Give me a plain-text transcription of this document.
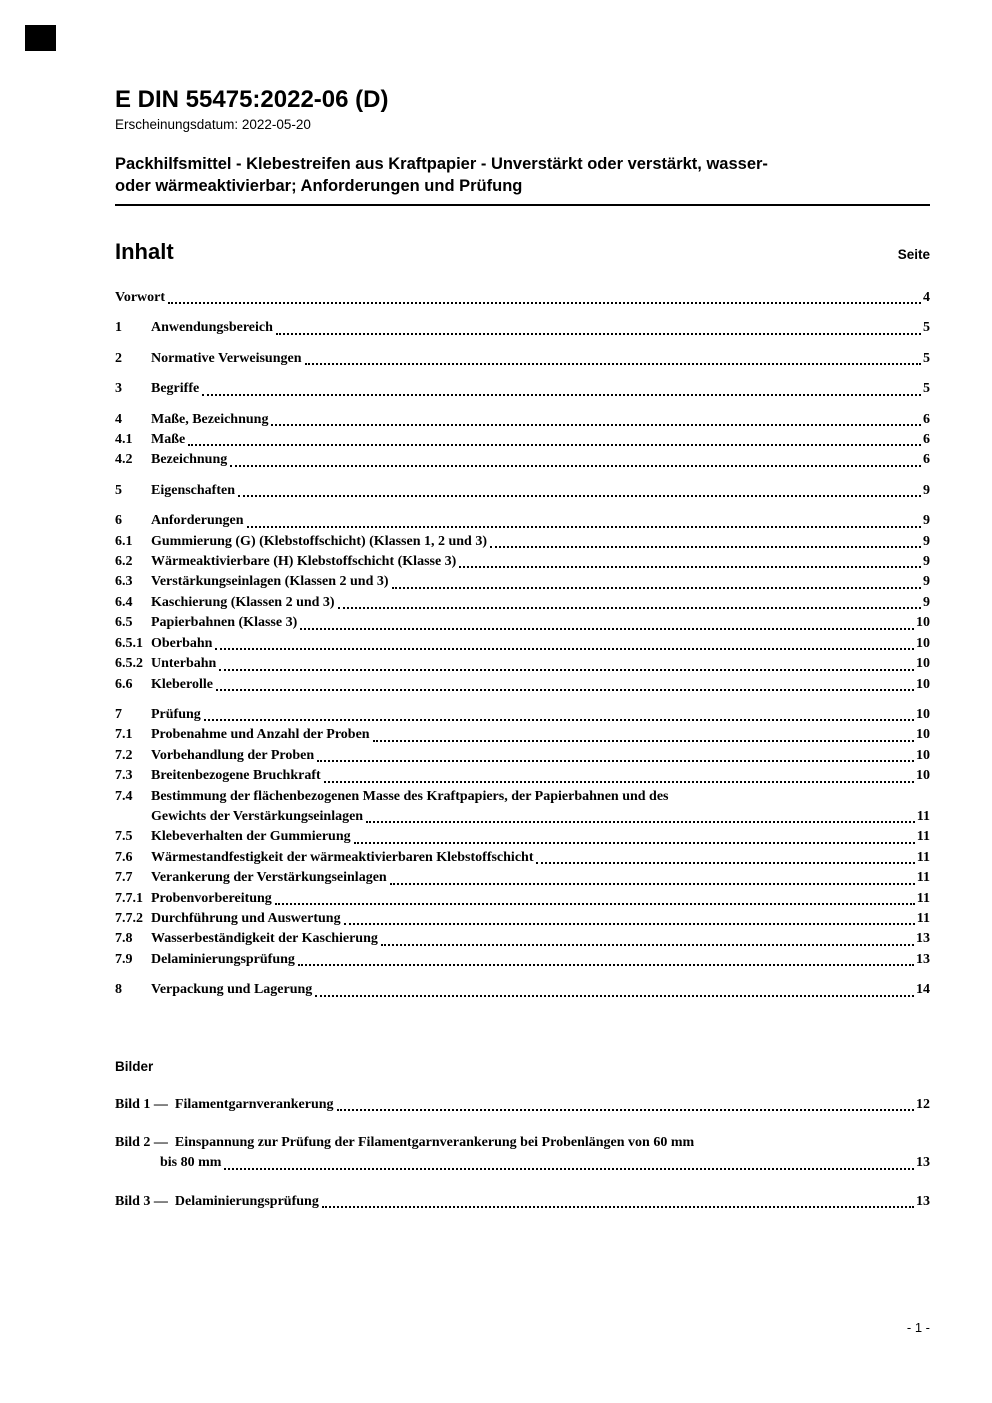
E DIN 55475:2022-06 (D)
Erscheinungsdatum: 2022-05-20
Packhilfsmittel - Klebestreifen aus Kraftpapier - Unverstärkt oder verstärkt, wasser-
oder wärmeaktivierbar; Anforderungen und Prüfung
Inhalt	Seite
Vorwort	4
1	Anwendungsbereich	5
2	Normative Verweisungen	5
3	Begriffe	5
4	Maße, Bezeichnung	6
4.1	Maße	6
4.2	Bezeichnung	6
5	Eigenschaften	9
6	Anforderungen	9
6.1	Gummierung (G) (Klebstoffschicht) (Klassen 1, 2 und 3)	9
6.2	Wärmeaktivierbare (H) Klebstoffschicht (Klasse 3)	9
6.3	Verstärkungseinlagen (Klassen 2 und 3)	9
6.4	Kaschierung (Klassen 2 und 3)	9
6.5	Papierbahnen (Klasse 3)	10
6.5.1 Oberbahn	10
6.5.2 Unterbahn	10
6.6	Kleberolle	10
7	Prüfung	10
7.1	Probenahme und Anzahl der Proben	10
7.2	Vorbehandlung der Proben	10
7.3	Breitenbezogene Bruchkraft	10
7.4	Bestimmung der flächenbezogenen Masse des Kraftpapiers, der Papierbahnen und des
Gewichts der Verstärkungseinlagen	11
7.5	Klebeverhalten der Gummierung	11
7.6	Wärmestandfestigkeit der wärmeaktivierbaren Klebstoffschicht	11
7.7	Verankerung der Verstärkungseinlagen	11
7.7.1 Probenvorbereitung	11
7.7.2 Durchführung und Auswertung	11
7.8	Wasserbeständigkeit der Kaschierung	13
7.9	Delaminierungsprüfung	13
8	Verpackung und Lagerung	14
Bilder
Bild 1 — Filamentgarnverankerung	12
Bild 2 — Einspannung zur Prüfung der Filamentgarnverankerung bei Probenlängen von 60 mm
bis 80 mm	13
Bild 3 — Delaminierungsprüfung	13
- 1 -
